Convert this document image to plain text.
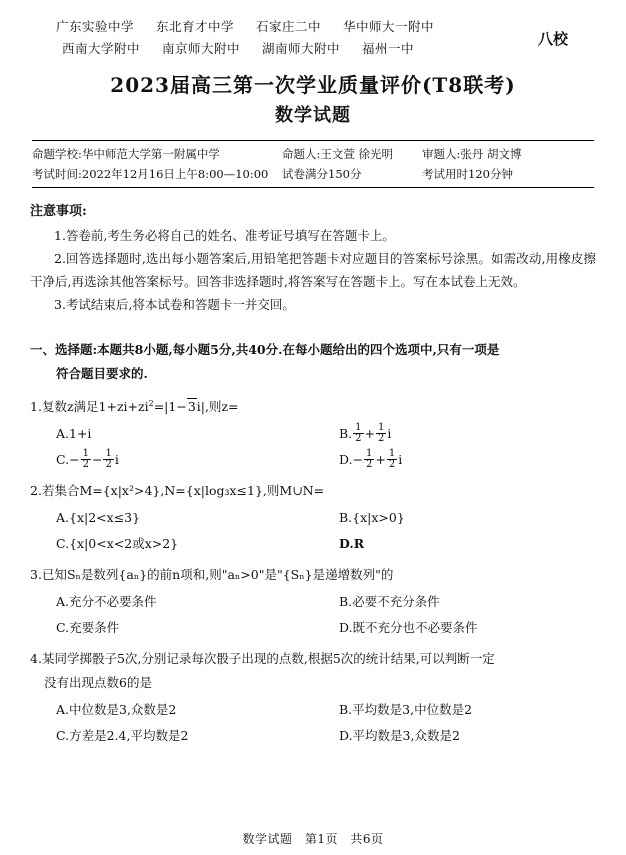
广东实验中学 东北育才中学 石家庄二中 华中师大一附中
西南大学附中 南京师大附中 湖南师大附中 福州一中
八校
2023届高三第一次学业质量评价(T8联考)
数学试题
命题学校:华中师范大学第一附属中学	命题人:王文萱 徐光明	审题人:张丹 胡文博
考试时间:2022年12月16日上午8:00—10:00	试卷满分150分	考试用时120分钟
注意事项:
1.答卷前,考生务必将自己的姓名、准考证号填写在答题卡上。
2.回答选择题时,选出每小题答案后,用铅笔把答题卡对应题目的答案标号涂黑。如需改动,用橡皮擦干净后,再选涂其他答案标号。回答非选择题时,将答案写在答题卡上。写在本试卷上无效。
3.考试结束后,将本试卷和答题卡一并交回。
一、选择题:本题共8小题,每小题5分,共40分.在每小题给出的四个选项中,只有一项是
符合题目要求的.
1.复数z满足$1+zi+zi^2=|1-3i|$,则z=
A.1+i	B. $\frac{1}{2} + \frac{1}{2}$ i
$C.- \frac{1}{2} - \frac{1}{2}$ i	$D.- \frac{1}{2} + \frac{1}{2}$ i
2.若集合M={x|x²>4},N={x|log₃x≤1},则M∪N=
A.{x|2<x≤3}	B.{x|x>0}
C.{x|0<x<2或x>2}	D.R
3.已知Sₙ是数列{aₙ}的前n项和,则"aₙ>0"是"{Sₙ}是递增数列"的
A.充分不必要条件	B.必要不充分条件
C.充要条件	D.既不充分也不必要条件
4.某同学掷骰子5次,分别记录每次骰子出现的点数,根据5次的统计结果,可以判断一定
没有出现点数6的是
A.中位数是3,众数是2	B.平均数是3,中位数是2
C.方差是2.4,平均数是2	D.平均数是3,众数是2
数学试题 第1页 共6页
